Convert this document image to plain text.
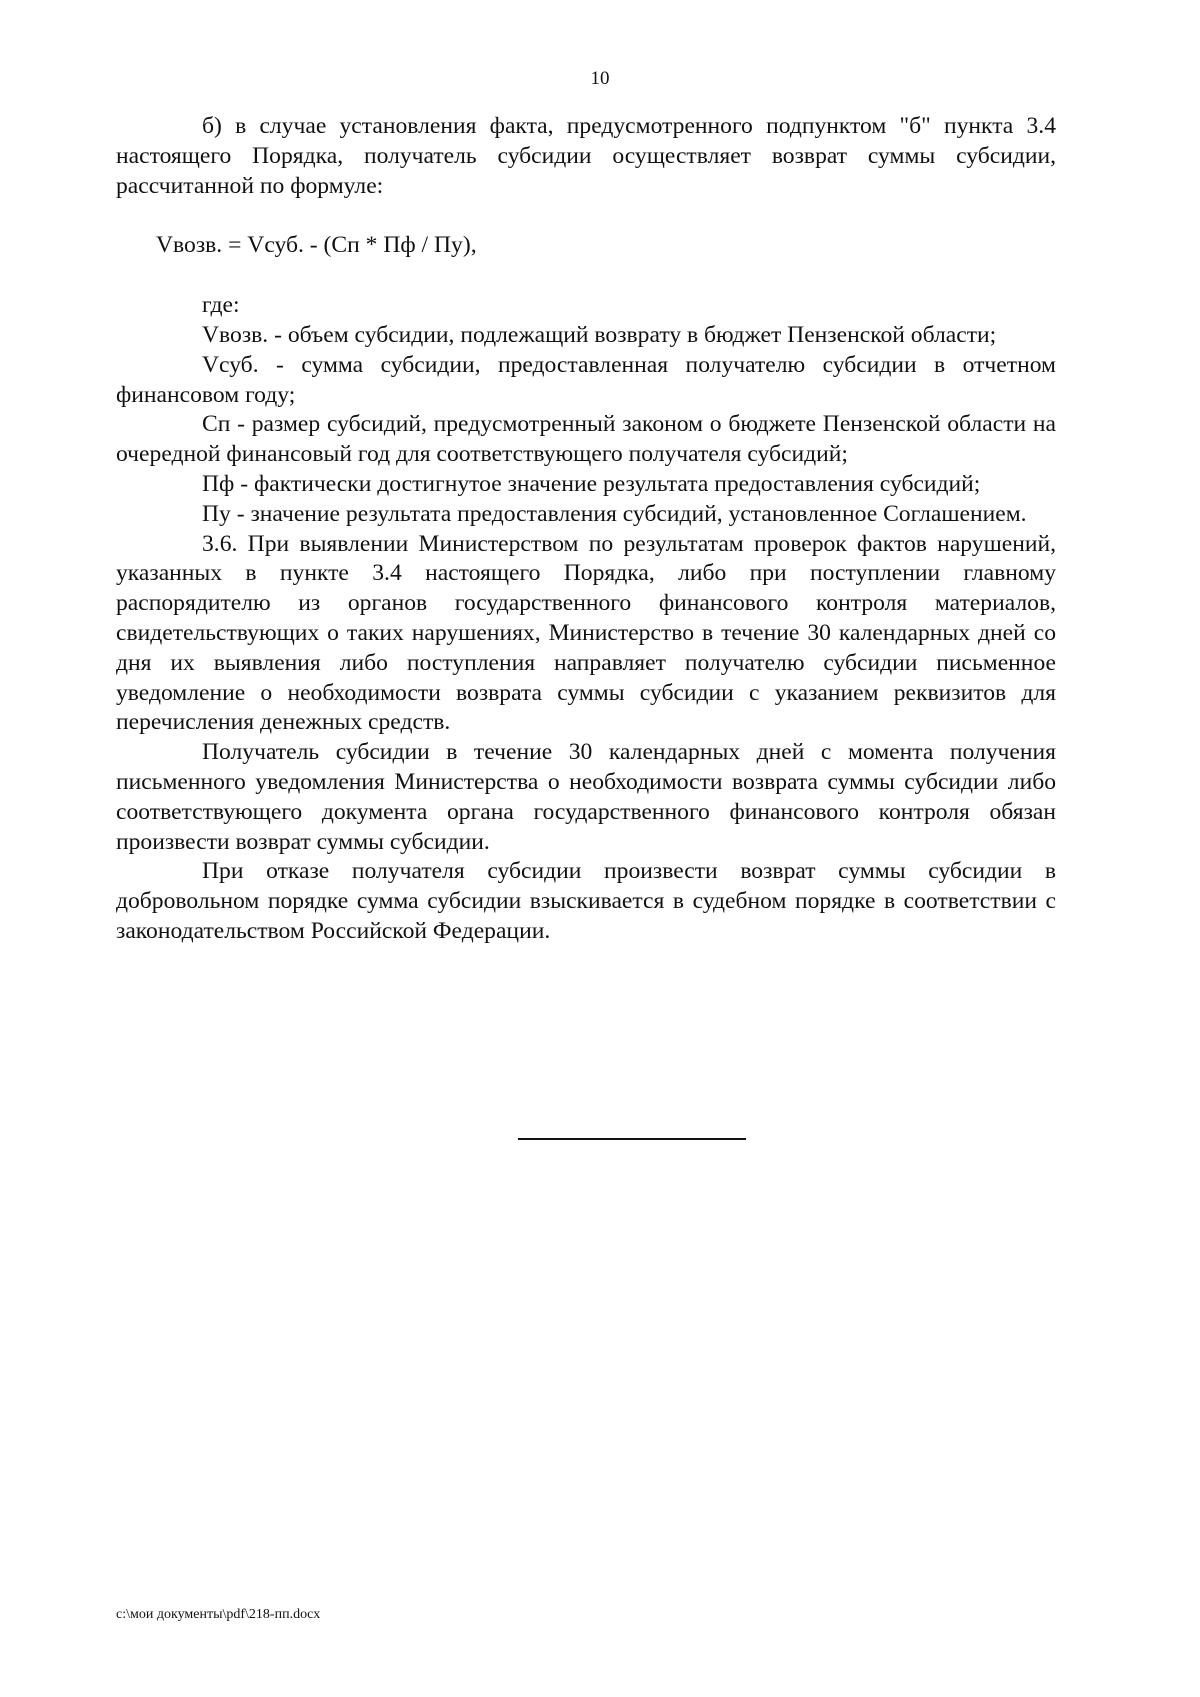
10

б) в случае установления факта, предусмотренного подпунктом "б" пункта 3.4 настоящего Порядка, получатель субсидии осуществляет возврат суммы субсидии, рассчитанной по формуле:

Vвозв. = Vсуб. - (Сп * Пф / Пу),

где:

Vвозв. - объем субсидии, подлежащий возврату в бюджет Пензенской области;

Vсуб. - сумма субсидии, предоставленная получателю субсидии в отчетном финансовом году;

Сп - размер субсидий, предусмотренный законом о бюджете Пензенской области на очередной финансовый год для соответствующего получателя субсидий;

Пф - фактически достигнутое значение результата предоставления субсидий;

Пу - значение результата предоставления субсидий, установленное Соглашением.

3.6. При выявлении Министерством по результатам проверок фактов нарушений, указанных в пункте 3.4 настоящего Порядка, либо при поступлении главному распорядителю из органов государственного финансового контроля материалов, свидетельствующих о таких нарушениях, Министерство в течение 30 календарных дней со дня их выявления либо поступления направляет получателю субсидии письменное уведомление о необходимости возврата суммы субсидии с указанием реквизитов для перечисления денежных средств.

Получатель субсидии в течение 30 календарных дней с момента получения письменного уведомления Министерства о необходимости возврата суммы субсидии либо соответствующего документа органа государственного финансового контроля обязан произвести возврат суммы субсидии.

При отказе получателя субсидии произвести возврат суммы субсидии в добровольном порядке сумма субсидии взыскивается в судебном порядке в соответствии с законодательством Российской Федерации.

c:\мои документы\pdf\218-пп.docx
